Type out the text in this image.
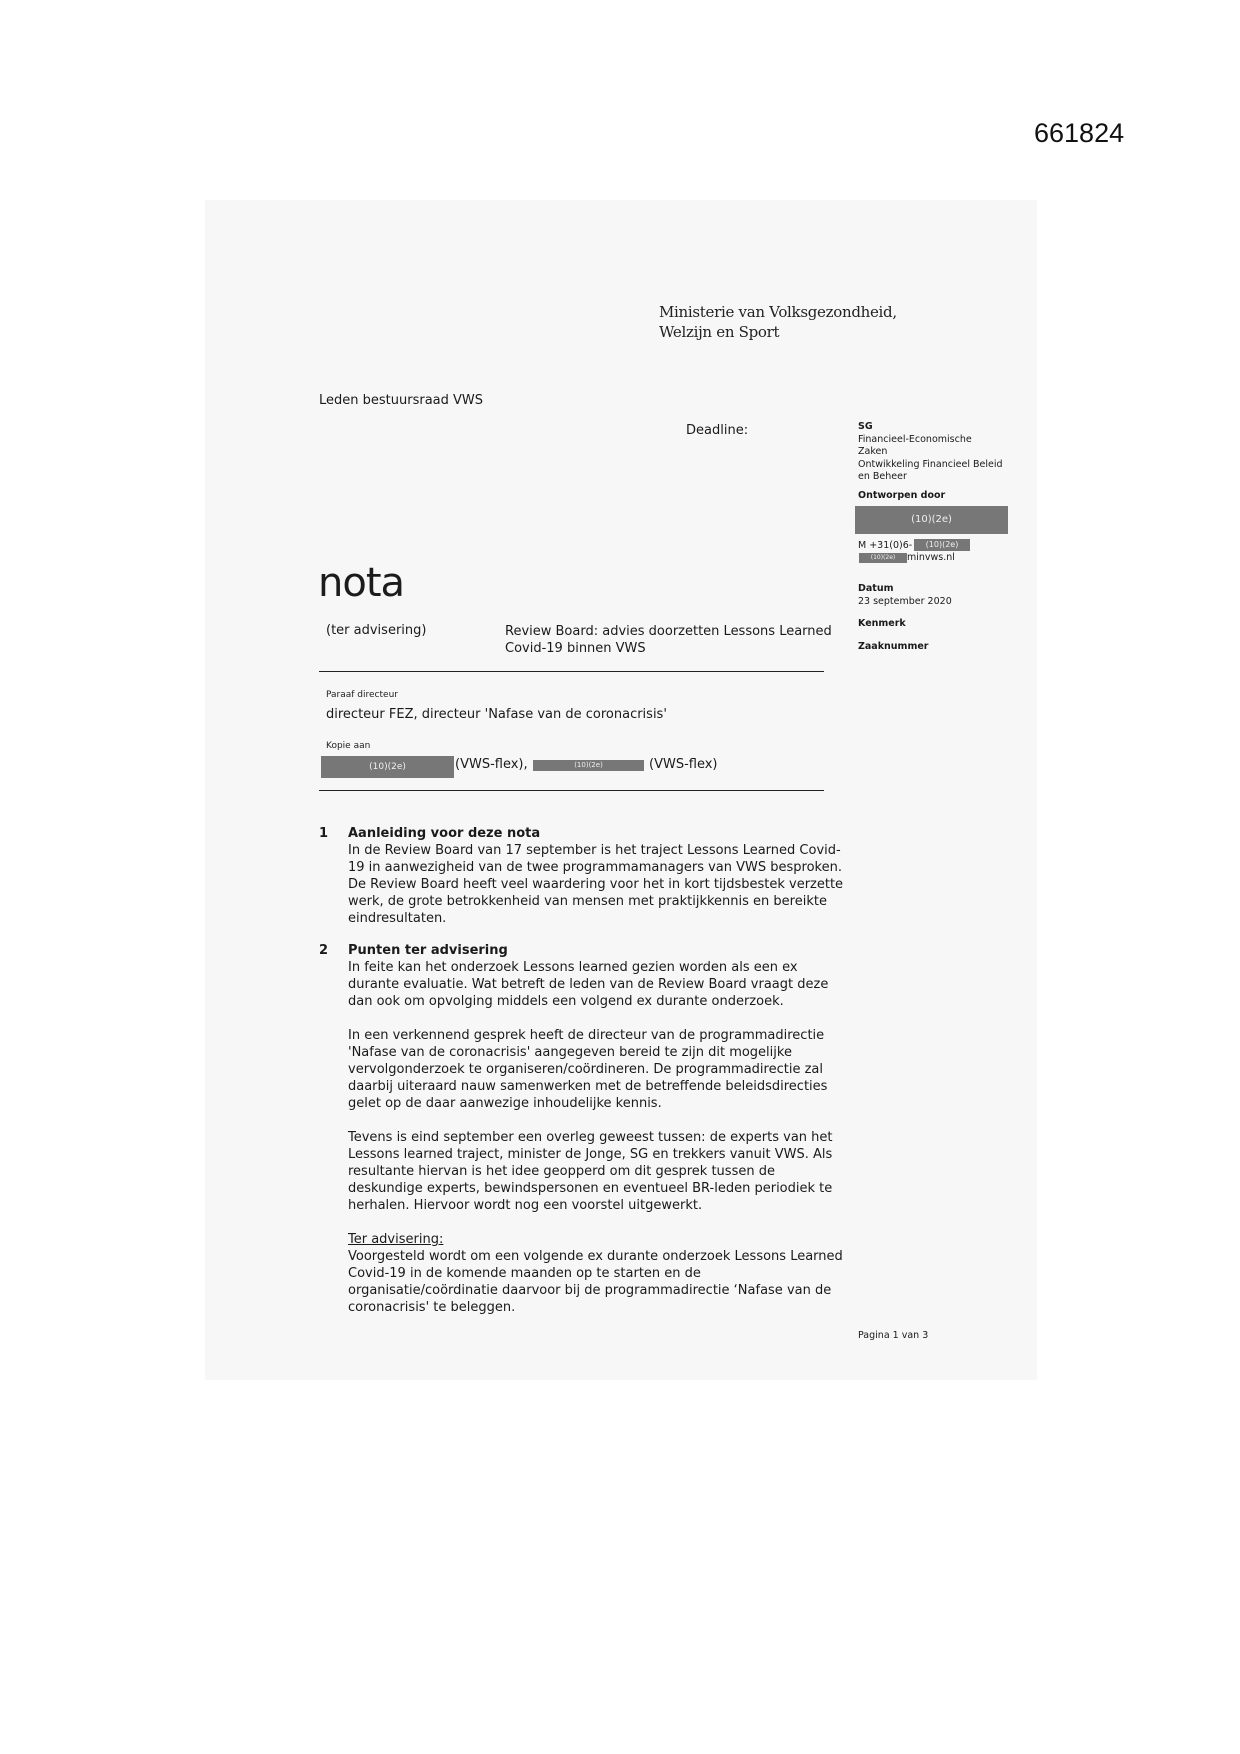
661824
Ministerie van Volksgezondheid,
Welzijn en Sport
Leden bestuursraad VWS
Deadline:	SG
Financieel-Economische
Zaken
Ontwikkeling Financieel Beleid
en Beheer
Ontworpen door
(10)(2e)
M +31(0)6-	(10)(2e)
(10)(2e)	minvws.nl
Datum
23 september 2020
Kenmerk
Zaaknummer
nota
(ter advisering)	Review Board: advies doorzetten Lessons Learned
Covid-19 binnen VWS
Paraaf directeur
directeur FEZ, directeur 'Nafase van de coronacrisis'
Kopie aan
(10)(2e)	(VWS-flex),	(10)(2e)	(VWS-flex)
1 Aanleiding voor deze nota
In de Review Board van 17 september is het traject Lessons Learned Covid-19 in aanwezigheid van de twee programmamanagers van VWS besproken. De Review Board heeft veel waardering voor het in kort tijdsbestek verzette werk, de grote betrokkenheid van mensen met praktijkkennis en bereikte eindresultaten.
2 Punten ter advisering
In feite kan het onderzoek Lessons learned gezien worden als een ex durante evaluatie. Wat betreft de leden van de Review Board vraagt deze dan ook om opvolging middels een volgend ex durante onderzoek.
In een verkennend gesprek heeft de directeur van de programmadirectie 'Nafase van de coronacrisis' aangegeven bereid te zijn dit mogelijke vervolgonderzoek te organiseren/coördineren. De programmadirectie zal daarbij uiteraard nauw samenwerken met de betreffende beleidsdirecties gelet op de daar aanwezige inhoudelijke kennis.
Tevens is eind september een overleg geweest tussen: de experts van het Lessons learned traject, minister de Jonge, SG en trekkers vanuit VWS. Als resultante hiervan is het idee geopperd om dit gesprek tussen de deskundige experts, bewindspersonen en eventueel BR-leden periodiek te herhalen. Hiervoor wordt nog een voorstel uitgewerkt.
Ter advisering:
Voorgesteld wordt om een volgende ex durante onderzoek Lessons Learned Covid-19 in de komende maanden op te starten en de organisatie/coördinatie daarvoor bij de programmadirectie ‘Nafase van de coronacrisis' te beleggen.
Pagina 1 van 3
